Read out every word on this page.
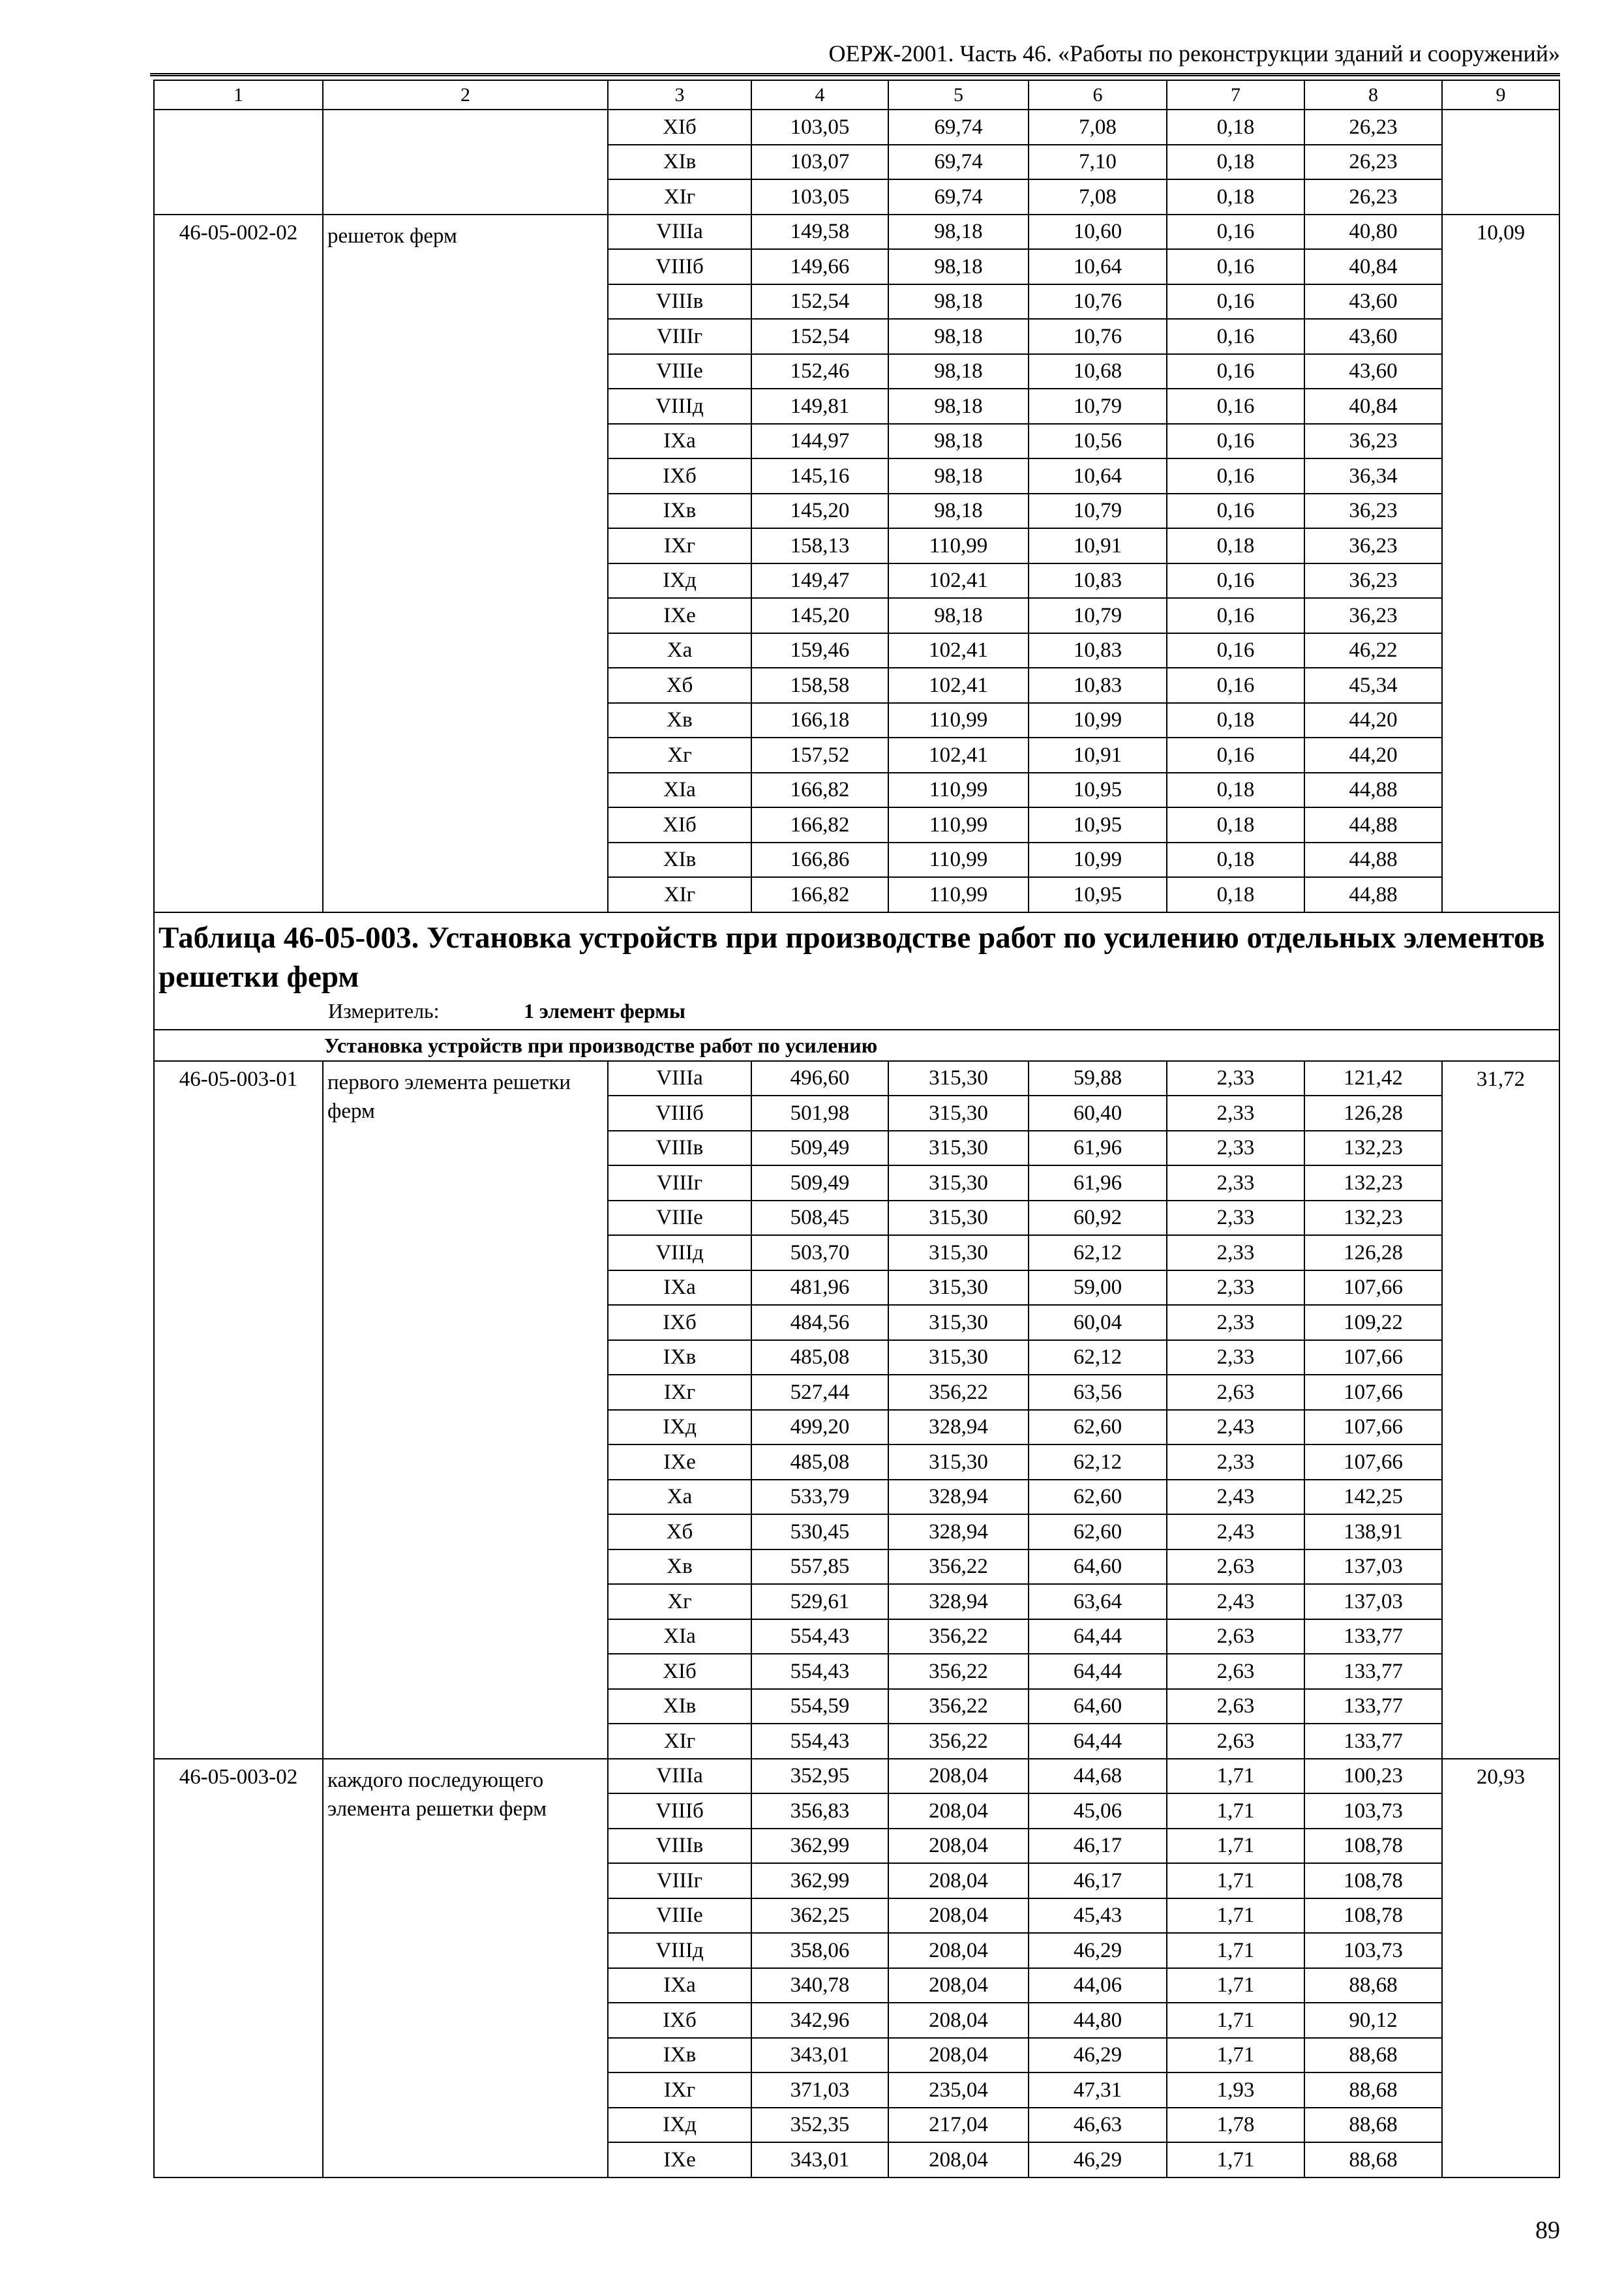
ОЕРЖ-2001. Часть 46. «Работы по реконструкции зданий и сооружений»
1	2	3	4	5	6	7	8	9
		XIб	103,05	69,74	7,08	0,18	26,23	
		XIв	103,07	69,74	7,10	0,18	26,23	
		XIг	103,05	69,74	7,08	0,18	26,23	
46-05-002-02	решеток ферм	VIIIа	149,58	98,18	10,60	0,16	40,80	10,09
		VIIIб	149,66	98,18	10,64	0,16	40,84	
		VIIIв	152,54	98,18	10,76	0,16	43,60	
		VIIIг	152,54	98,18	10,76	0,16	43,60	
		VIIIе	152,46	98,18	10,68	0,16	43,60	
		VIIIд	149,81	98,18	10,79	0,16	40,84	
		IXа	144,97	98,18	10,56	0,16	36,23	
		IXб	145,16	98,18	10,64	0,16	36,34	
		IXв	145,20	98,18	10,79	0,16	36,23	
		IXг	158,13	110,99	10,91	0,18	36,23	
		IXд	149,47	102,41	10,83	0,16	36,23	
		IXе	145,20	98,18	10,79	0,16	36,23	
		Xа	159,46	102,41	10,83	0,16	46,22	
		Xб	158,58	102,41	10,83	0,16	45,34	
		Xв	166,18	110,99	10,99	0,18	44,20	
		Xг	157,52	102,41	10,91	0,16	44,20	
		XIа	166,82	110,99	10,95	0,18	44,88	
		XIб	166,82	110,99	10,95	0,18	44,88	
		XIв	166,86	110,99	10,99	0,18	44,88	
		XIг	166,82	110,99	10,95	0,18	44,88	

Таблица 46-05-003. Установка устройств при производстве работ по усилению отдельных элементов решетки ферм
Измеритель: 1 элемент фермы								

Установка устройств при производстве работ по усилению								
46-05-003-01	первого элемента решетки ферм	VIIIа	496,60	315,30	59,88	2,33	121,42	31,72
		VIIIб	501,98	315,30	60,40	2,33	126,28	
		VIIIв	509,49	315,30	61,96	2,33	132,23	
		VIIIг	509,49	315,30	61,96	2,33	132,23	
		VIIIе	508,45	315,30	60,92	2,33	132,23	
		VIIIд	503,70	315,30	62,12	2,33	126,28	
		IXа	481,96	315,30	59,00	2,33	107,66	
		IXб	484,56	315,30	60,04	2,33	109,22	
		IXв	485,08	315,30	62,12	2,33	107,66	
		IXг	527,44	356,22	63,56	2,63	107,66	
		IXд	499,20	328,94	62,60	2,43	107,66	
		IXе	485,08	315,30	62,12	2,33	107,66	
		Xа	533,79	328,94	62,60	2,43	142,25	
		Xб	530,45	328,94	62,60	2,43	138,91	
		Xв	557,85	356,22	64,60	2,63	137,03	
		Xг	529,61	328,94	63,64	2,43	137,03	
		XIа	554,43	356,22	64,44	2,63	133,77	
		XIб	554,43	356,22	64,44	2,63	133,77	
		XIв	554,59	356,22	64,60	2,63	133,77	
		XIг	554,43	356,22	64,44	2,63	133,77	
46-05-003-02	каждого последующего элемента решетки ферм	VIIIа	352,95	208,04	44,68	1,71	100,23	20,93
		VIIIб	356,83	208,04	45,06	1,71	103,73	
		VIIIв	362,99	208,04	46,17	1,71	108,78	
		VIIIг	362,99	208,04	46,17	1,71	108,78	
		VIIIе	362,25	208,04	45,43	1,71	108,78	
		VIIIд	358,06	208,04	46,29	1,71	103,73	
		IXа	340,78	208,04	44,06	1,71	88,68	
		IXб	342,96	208,04	44,80	1,71	90,12	
		IXв	343,01	208,04	46,29	1,71	88,68	
		IXг	371,03	235,04	47,31	1,93	88,68	
		IXд	352,35	217,04	46,63	1,78	88,68	
		IXе	343,01	208,04	46,29	1,71	88,68	
89
